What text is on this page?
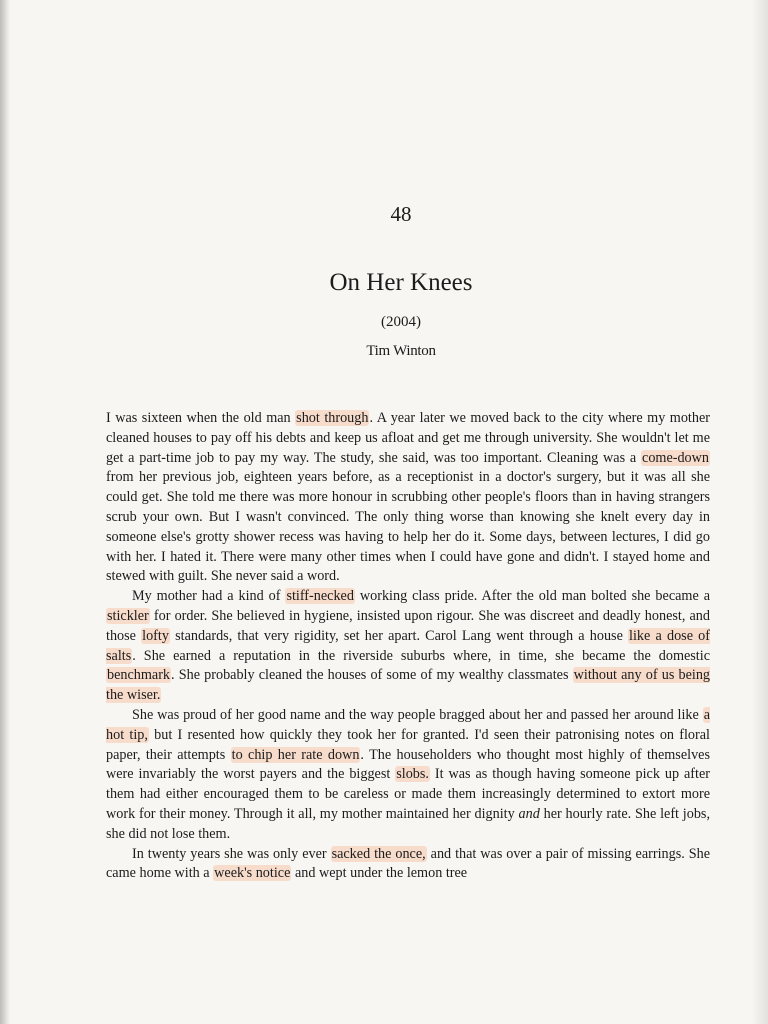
48
On Her Knees
(2004)
Tim Winton

I was sixteen when the old man shot through. A year later we moved back to the city where my mother cleaned houses to pay off his debts and keep us afloat and get me through university. She wouldn't let me get a part-time job to pay my way. The study, she said, was too important. Cleaning was a come-down from her previous job, eighteen years before, as a receptionist in a doctor's surgery, but it was all she could get. She told me there was more honour in scrubbing other people's floors than in having strangers scrub your own. But I wasn't convinced. The only thing worse than knowing she knelt every day in someone else's grotty shower recess was having to help her do it. Some days, between lectures, I did go with her. I hated it. There were many other times when I could have gone and didn't. I stayed home and stewed with guilt. She never said a word.

My mother had a kind of stiff-necked working class pride. After the old man bolted she became a stickler for order. She believed in hygiene, insisted upon rigour. She was discreet and deadly honest, and those lofty standards, that very rigidity, set her apart. Carol Lang went through a house like a dose of salts. She earned a reputation in the riverside suburbs where, in time, she became the domestic benchmark. She probably cleaned the houses of some of my wealthy classmates without any of us being the wiser.

She was proud of her good name and the way people bragged about her and passed her around like a hot tip, but I resented how quickly they took her for granted. I'd seen their patronising notes on floral paper, their attempts to chip her rate down. The householders who thought most highly of themselves were invariably the worst payers and the biggest slobs. It was as though having someone pick up after them had either encouraged them to be careless or made them increasingly determined to extort more work for their money. Through it all, my mother maintained her dignity and her hourly rate. She left jobs, she did not lose them.

In twenty years she was only ever sacked the once, and that was over a pair of missing earrings. She came home with a week's notice and wept under the lemon tree
